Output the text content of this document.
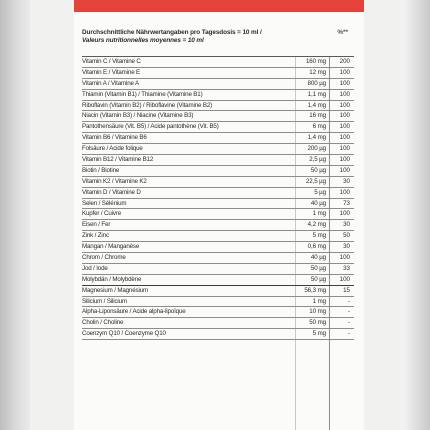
Durchschnittliche Nährwertangaben pro Tagesdosis = 10 ml /
Valeurs nutritionnelles moyennes = 10 ml
%**
Vitamin C / Vitamine C	160 mg	200
Vitamin E / Vitamine E	12 mg	100
Vitamin A / Vitamine A	800 µg	100
Thiamin (Vitamin B1) / Thiamine (Vitamine B1)	1,1 mg	100
Riboflavin (Vitamin B2) / Riboflavine (Vitamine B2)	1,4 mg	100
Niacin (Vitamin B3) / Niacine (Vitamine B3)	16 mg	100
Pantothensäure (Vit. B5) / Acide pantothène (Vit. B5)	6 mg	100
Vitamin B6 / Vitamine B6	1,4 mg	100
Folsäure / Acide folique	200 µg	100
Vitamin B12 / Vitamine B12	2,5 µg	100
Biotin / Biotine	50 µg	100
Vitamin K2 / Vitamine K2	22,5 µg	30
Vitamin D / Vitamine D	5 µg	100
Selen / Sélénium	40 µg	73
Kupfer / Cuivre	1 mg	100
Eisen / Fer	4,2 mg	30
Zink / Zinc	5 mg	50
Mangan / Manganèse	0,6 mg	30
Chrom / Chrome	40 µg	100
Jod / Iode	50 µg	33
Molybdän / Molybdène	50 µg	100
Magnesium / Magnésium	56,3 mg	15
Silicium / Silicium	1 mg	-
Alpha-Liponsäure / Acide alpha-lipoïque	10 mg	-
Cholin / Choline	50 mg	-
Coenzym Q10 / Coenzyme Q10	5 mg	-
